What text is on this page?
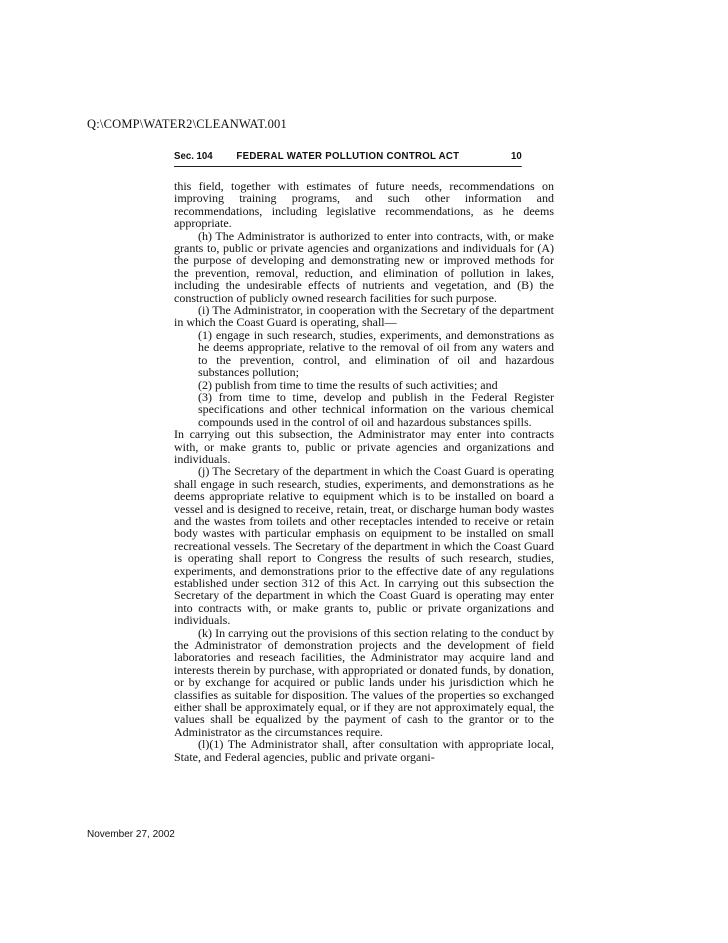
Q:\COMP\WATER2\CLEANWAT.001
Sec. 104 FEDERAL WATER POLLUTION CONTROL ACT	10

this field, together with estimates of future needs, recommendations on improving training programs, and such other information and recommendations, including legislative recommendations, as he deems appropriate.

(h) The Administrator is authorized to enter into contracts, with, or make grants to, public or private agencies and organizations and individuals for (A) the purpose of developing and demonstrating new or improved methods for the prevention, removal, reduction, and elimination of pollution in lakes, including the undesirable effects of nutrients and vegetation, and (B) the construction of publicly owned research facilities for such purpose.

(i) The Administrator, in cooperation with the Secretary of the department in which the Coast Guard is operating, shall—

(1) engage in such research, studies, experiments, and demonstrations as he deems appropriate, relative to the removal of oil from any waters and to the prevention, control, and elimination of oil and hazardous substances pollution;

(2) publish from time to time the results of such activities; and

(3) from time to time, develop and publish in the Federal Register specifications and other technical information on the various chemical compounds used in the control of oil and hazardous substances spills.

In carrying out this subsection, the Administrator may enter into contracts with, or make grants to, public or private agencies and organizations and individuals.

(j) The Secretary of the department in which the Coast Guard is operating shall engage in such research, studies, experiments, and demonstrations as he deems appropriate relative to equipment which is to be installed on board a vessel and is designed to receive, retain, treat, or discharge human body wastes and the wastes from toilets and other receptacles intended to receive or retain body wastes with particular emphasis on equipment to be installed on small recreational vessels. The Secretary of the department in which the Coast Guard is operating shall report to Congress the results of such research, studies, experiments, and demonstrations prior to the effective date of any regulations established under section 312 of this Act. In carrying out this subsection the Secretary of the department in which the Coast Guard is operating may enter into contracts with, or make grants to, public or private organizations and individuals.

(k) In carrying out the provisions of this section relating to the conduct by the Administrator of demonstration projects and the development of field laboratories and reseach facilities, the Administrator may acquire land and interests therein by purchase, with appropriated or donated funds, by donation, or by exchange for acquired or public lands under his jurisdiction which he classifies as suitable for disposition. The values of the properties so exchanged either shall be approximately equal, or if they are not approximately equal, the values shall be equalized by the payment of cash to the grantor or to the Administrator as the circumstances require.

(l)(1) The Administrator shall, after consultation with appropriate local, State, and Federal agencies, public and private organi-

November 27, 2002
